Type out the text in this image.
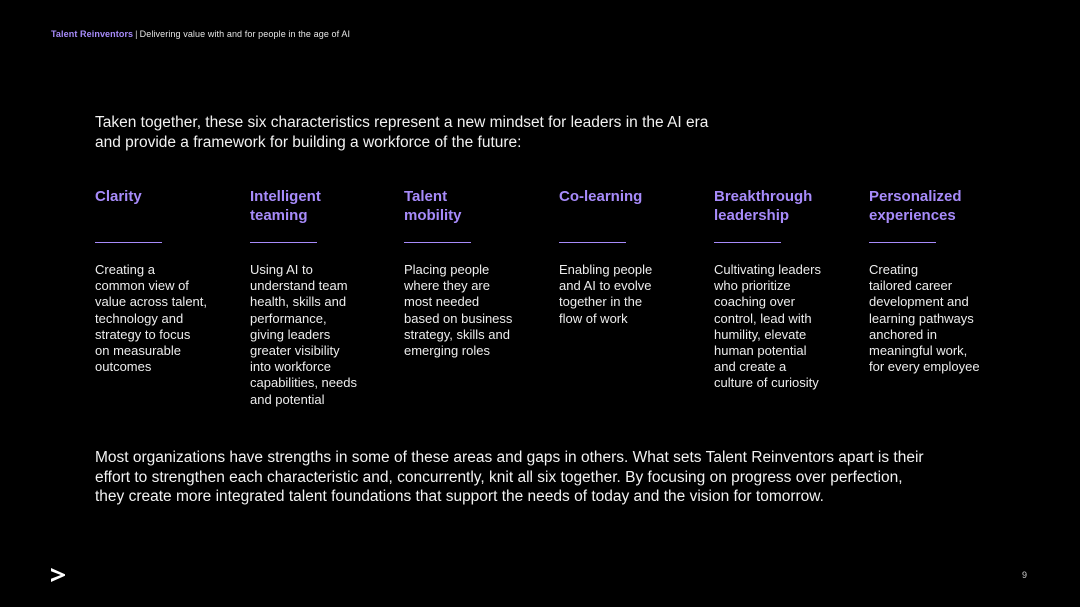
Talent Reinventors | Delivering value with and for people in the age of AI
Taken together, these six characteristics represent a new mindset for leaders in the AI era
and provide a framework for building a workforce of the future:
Clarity
Creating a
common view of
value across talent,
technology and
strategy to focus
on measurable
outcomes
Intelligent
teaming
Using AI to
understand team
health, skills and
performance,
giving leaders
greater visibility
into workforce
capabilities, needs
and potential
Talent
mobility
Placing people
where they are
most needed
based on business
strategy, skills and
emerging roles
Co-learning
Enabling people
and AI to evolve
together in the
flow of work
Breakthrough
leadership
Cultivating leaders
who prioritize
coaching over
control, lead with
humility, elevate
human potential
and create a
culture of curiosity
Personalized
experiences
Creating
tailored career
development and
learning pathways
anchored in
meaningful work,
for every employee
Most organizations have strengths in some of these areas and gaps in others. What sets Talent Reinventors apart is their
effort to strengthen each characteristic and, concurrently, knit all six together. By focusing on progress over perfection,
they create more integrated talent foundations that support the needs of today and the vision for tomorrow.
9
